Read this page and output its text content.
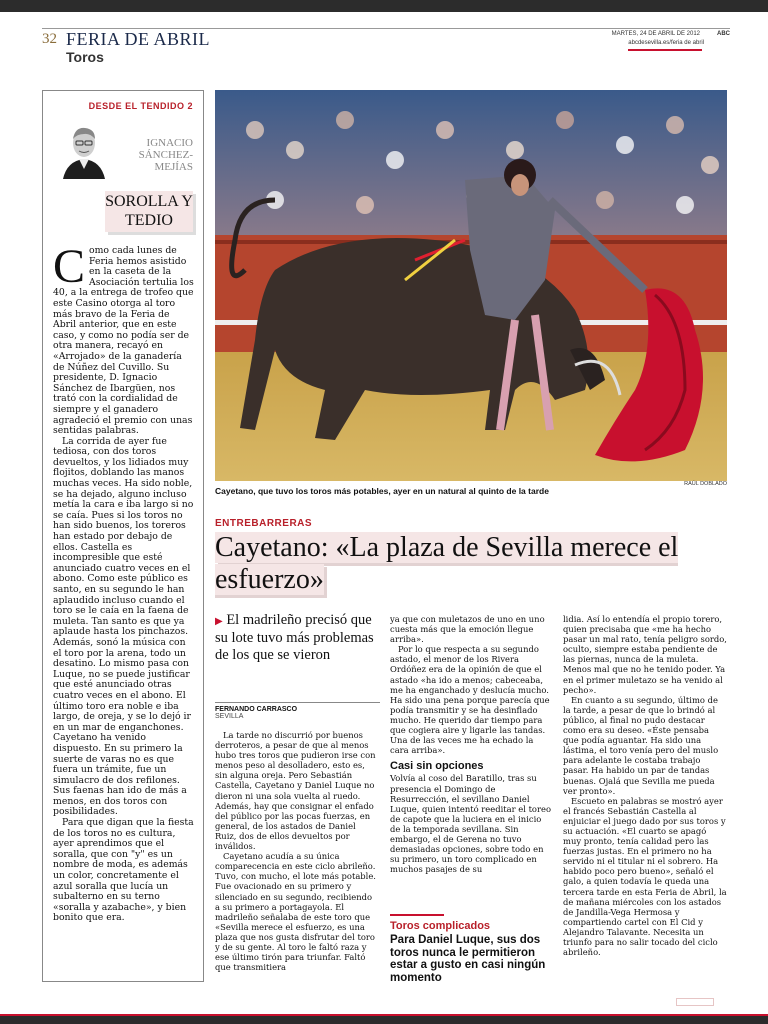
32 FERIA DE ABRIL
Toros
MARTES, 24 DE ABRIL DE 2012	ABC
abcdesevilla.es/feria de abril
DESDE EL TENDIDO 2
IGNACIO
SÁNCHEZ-MEJÍAS
SOROLLA Y TEDIO

Como cada lunes de Feria hemos asistido en la caseta de la Asociación tertulia los 40, a la entrega de trofeo que este Casino otorga al toro más bravo de la Feria de Abril anterior, que en este caso, y como no podía ser de otra manera, recayó en «Arrojado» de la ganadería de Núñez del Cuvillo. Su presidente, D. Ignacio Sánchez de Ibargüen, nos trató con la cordialidad de siempre y el ganadero agradeció el premio con unas sentidas palabras.

La corrida de ayer fue tediosa, con dos toros devueltos, y los lidiados muy flojitos, doblando las manos muchas veces. Ha sido noble, se ha dejado, alguno incluso metía la cara e iba largo si no se caía. Pues si los toros no han sido buenos, los toreros han estado por debajo de ellos. Castella es incompresible que esté anunciado cuatro veces en el abono. Como este público es santo, en su segundo le han aplaudido incluso cuando el toro se le caía en la faena de muleta. Tan santo es que ya aplaude hasta los pinchazos. Además, sonó la música con el toro por la arena, todo un desatino. Lo mismo pasa con Luque, no se puede justificar que esté anunciado otras cuatro veces en el abono. El último toro era noble e iba largo, de oreja, y se lo dejó ir en un mar de enganchones. Cayetano ha venido dispuesto. En su primero la suerte de varas no es que fuera un trámite, fue un simulacro de dos refilones. Sus faenas han ido de más a menos, en dos toros con posibilidades.

Para que digan que la fiesta de los toros no es cultura, ayer aprendimos que el soralla, que con "y" es un nombre de moda, es además un color, concretamente el azul soralla que lucía un subalterno en su terno «soralla y azabache», y bien bonito que era.

Cayetano, que tuvo los toros más potables, ayer en un natural al quinto de la tarde
RAÚL DOBLADO
ENTREBARRERAS
Cayetano: «La plaza de Sevilla merece el esfuerzo»
▶ El madrileño precisó que su lote tuvo más problemas de los que se vieron
FERNANDO CARRASCO
SEVILLA

La tarde no discurrió por buenos derroteros, a pesar de que al menos hubo tres toros que pudieron irse con menos peso al desolladero, esto es, sin alguna oreja. Pero Sebastián Castella, Cayetano y Daniel Luque no dieron ni una sola vuelta al ruedo. Además, hay que consignar el enfado del público por las pocas fuerzas, en general, de los astados de Daniel Ruiz, dos de ellos devueltos por inválidos.

Cayetano acudía a su única comparecencia en este ciclo abrileño. Tuvo, con mucho, el lote más potable. Fue ovacionado en su primero y silenciado en su segundo, recibiendo a su primero a portagayola. El madrileño señalaba de este toro que «Sevilla merece el esfuerzo, es una plaza que nos gusta disfrutar del toro y de su gente. Al toro le faltó raza y ese último tirón para triunfar. Faltó que transmitiera

ya que con muletazos de uno en uno cuesta más que la emoción llegue arriba».

Por lo que respecta a su segundo astado, el menor de los Rivera Ordóñez era de la opinión de que el astado «ha ido a menos; cabeceaba, me ha enganchado y deslucía mucho. Ha sido una pena porque parecía que podía transmitir y se ha desinflado mucho. He querido dar tiempo para que cogiera aire y ligarle las tandas. Una de las veces me ha echado la cara arriba».

Casi sin opciones

Volvía al coso del Baratillo, tras su presencia el Domingo de Resurrección, el sevillano Daniel Luque, quien intentó reeditar el toreo de capote que la luciera en el inicio de la temporada sevillana. Sin embargo, el de Gerena no tuvo demasiadas opciones, sobre todo en su primero, un toro complicado en muchos pasajes de su

Toros complicados
Para Daniel Luque, sus dos toros nunca le permitieron estar a gusto en casi ningún momento

lidia. Así lo entendía el propio torero, quien precisaba que «me ha hecho pasar un mal rato, tenía peligro sordo, oculto, siempre estaba pendiente de las piernas, nunca de la muleta. Menos mal que no he tenido poder. Ya en el primer muletazo se ha venido al pecho».

En cuanto a su segundo, último de la tarde, a pesar de que lo brindó al público, al final no pudo destacar como era su deseo. «Éste pensaba que podía aguantar. Ha sido una lástima, el toro venía pero del muslo para adelante le costaba trabajo pasar. Ha habido un par de tandas buenas. Ojalá que Sevilla me pueda ver pronto».

Escueto en palabras se mostró ayer el francés Sebastián Castella al enjuiciar el juego dado por sus toros y su actuación. «El cuarto se apagó muy pronto, tenía calidad pero las fuerzas justas. En el primero no ha servido ni el titular ni el sobrero. Ha habido poco pero bueno», señaló el galo, a quien todavía le queda una tercera tarde en esta Feria de Abril, la de mañana miércoles con los astados de Jandilla-Vega Hermosa y compartiendo cartel con El Cid y Alejandro Talavante. Necesita un triunfo para no salir tocado del ciclo abrileño.
